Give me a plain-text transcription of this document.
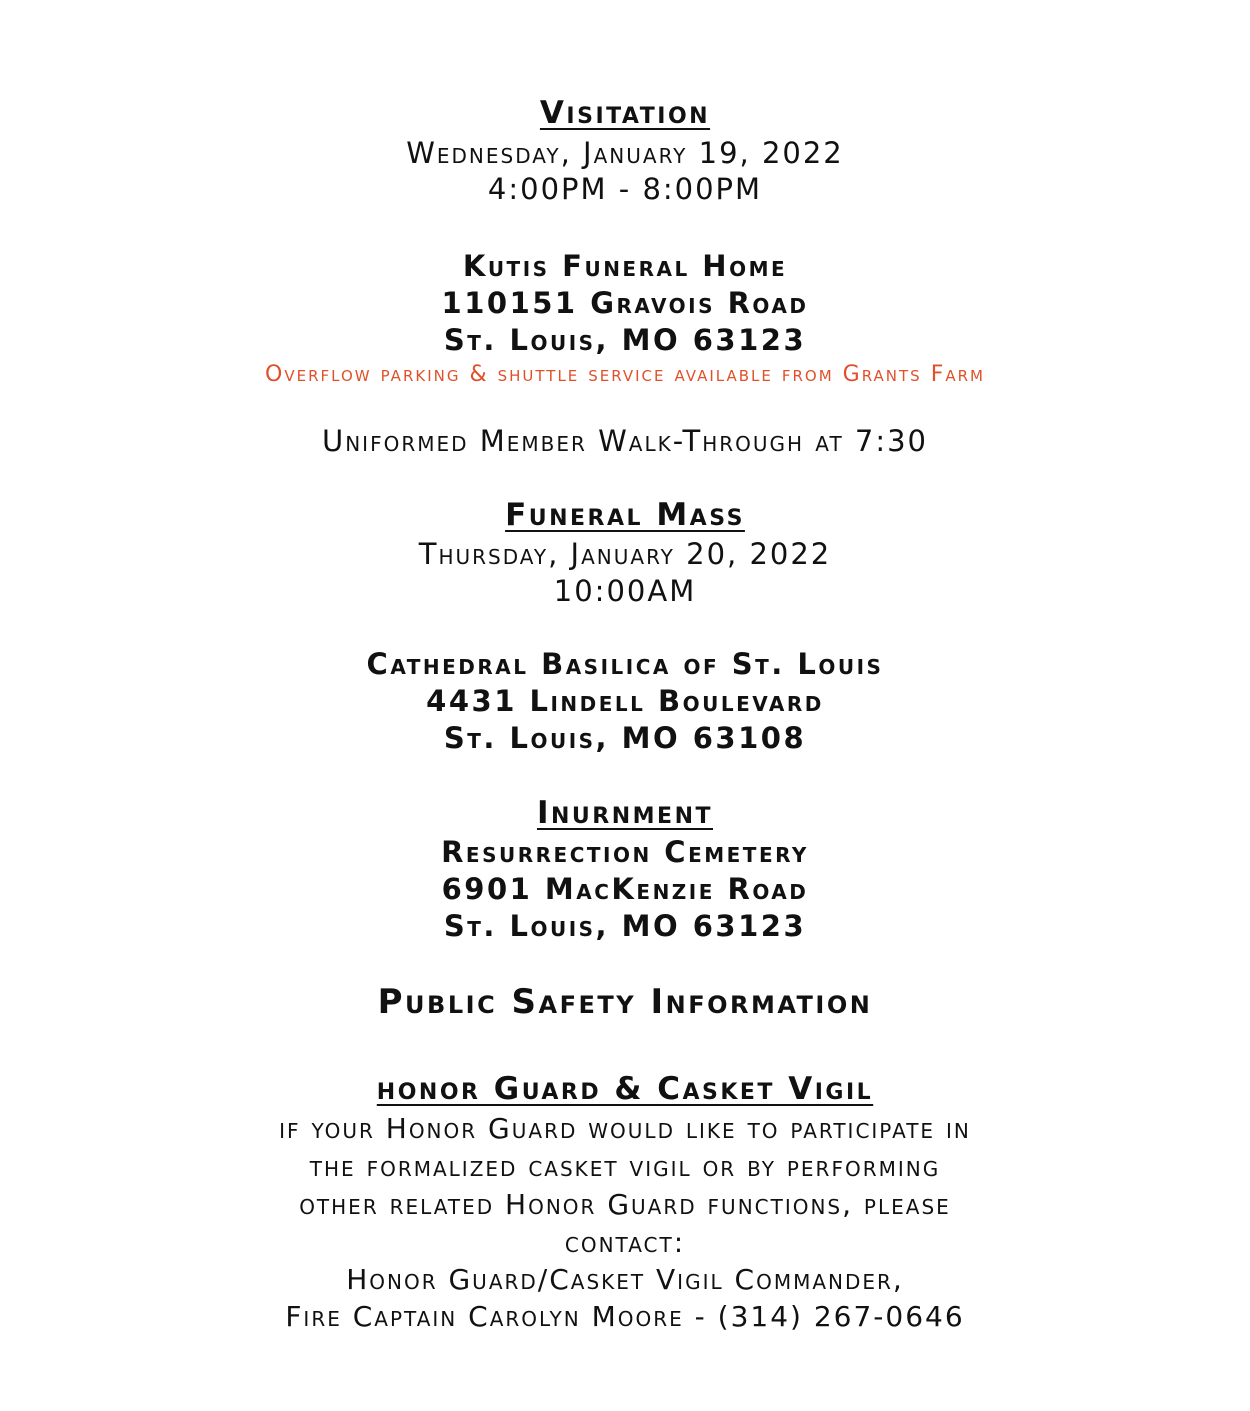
Visitation
Wednesday, January 19, 2022
4:00PM - 8:00PM
Kutis Funeral Home
110151 Gravois Road
St. Louis, MO 63123
Overflow parking & shuttle service available from Grants Farm
Uniformed Member Walk-Through at 7:30
Funeral Mass
Thursday, January 20, 2022
10:00AM
Cathedral Basilica of St. Louis
4431 Lindell Boulevard
St. Louis, MO 63108
Inurnment
Resurrection Cemetery
6901 MacKenzie Road
St. Louis, MO 63123
Public Safety Information
honor Guard & Casket Vigil
if your Honor Guard would like to participate in
the formalized casket vigil or by performing
other related Honor Guard functions, please
contact:
Honor Guard/Casket Vigil Commander,
Fire Captain Carolyn Moore - (314) 267-0646
